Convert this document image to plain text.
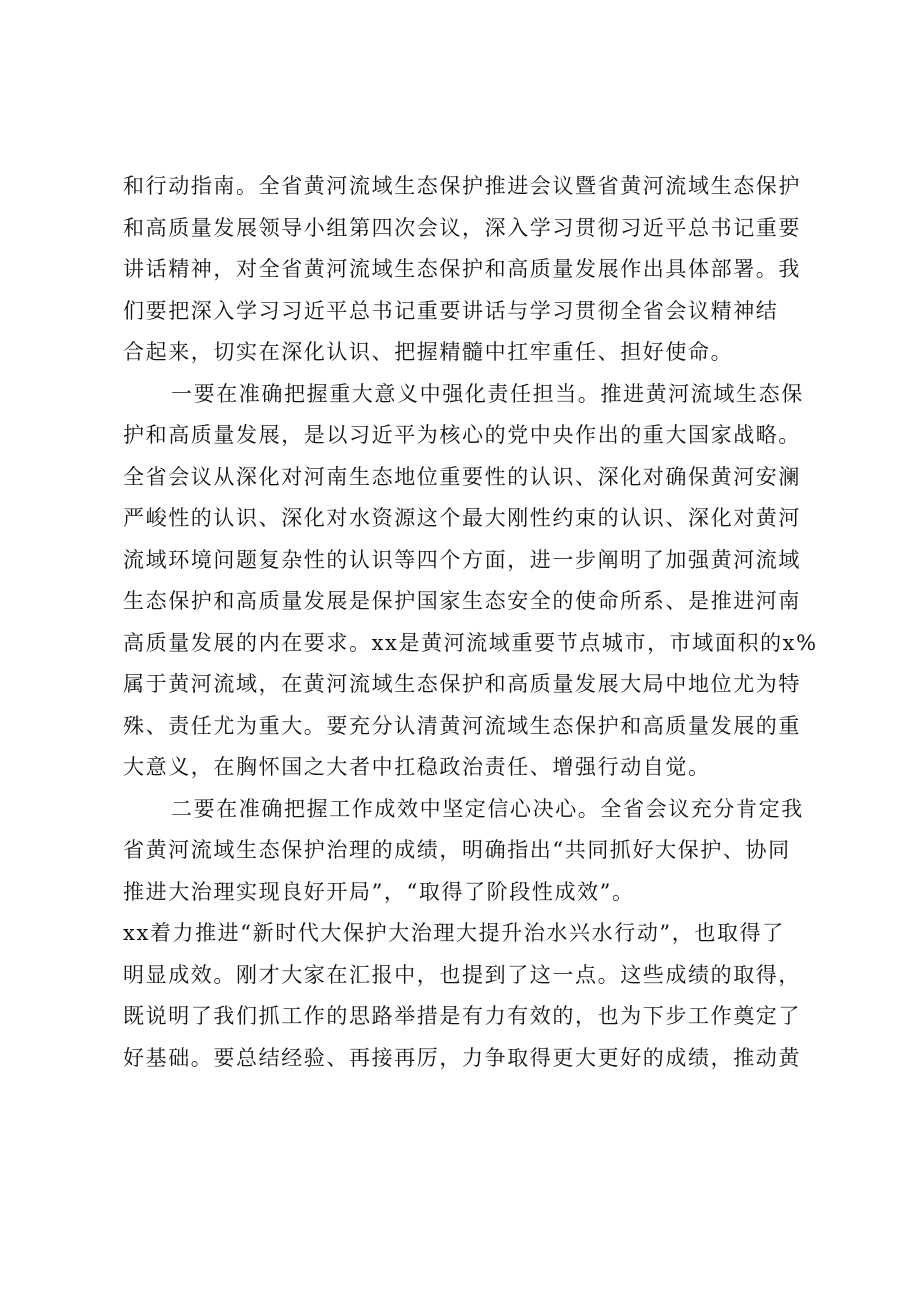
和行动指南。全省黄河流域生态保护推进会议暨省黄河流域生态保护
和高质量发展领导小组第四次会议，深入学习贯彻习近平总书记重要
讲话精神，对全省黄河流域生态保护和高质量发展作出具体部署。我
们要把深入学习习近平总书记重要讲话与学习贯彻全省会议精神结
合起来，切实在深化认识、把握精髓中扛牢重任、担好使命。
一要在准确把握重大意义中强化责任担当。推进黄河流域生态保
护和高质量发展，是以习近平为核心的党中央作出的重大国家战略。
全省会议从深化对河南生态地位重要性的认识、深化对确保黄河安澜
严峻性的认识、深化对水资源这个最大刚性约束的认识、深化对黄河
流域环境问题复杂性的认识等四个方面，进一步阐明了加强黄河流域
生态保护和高质量发展是保护国家生态安全的使命所系、是推进河南
高质量发展的内在要求。xx是黄河流域重要节点城市，市域面积的x%
属于黄河流域，在黄河流域生态保护和高质量发展大局中地位尤为特
殊、责任尤为重大。要充分认清黄河流域生态保护和高质量发展的重
大意义，在胸怀国之大者中扛稳政治责任、增强行动自觉。
二要在准确把握工作成效中坚定信心决心。全省会议充分肯定我
省黄河流域生态保护治理的成绩，明确指出“共同抓好大保护、协同
推进大治理实现良好开局”，“取得了阶段性成效”。
xx着力推进“新时代大保护大治理大提升治水兴水行动”，也取得了
明显成效。刚才大家在汇报中，也提到了这一点。这些成绩的取得，
既说明了我们抓工作的思路举措是有力有效的，也为下步工作奠定了
好基础。要总结经验、再接再厉，力争取得更大更好的成绩，推动黄
